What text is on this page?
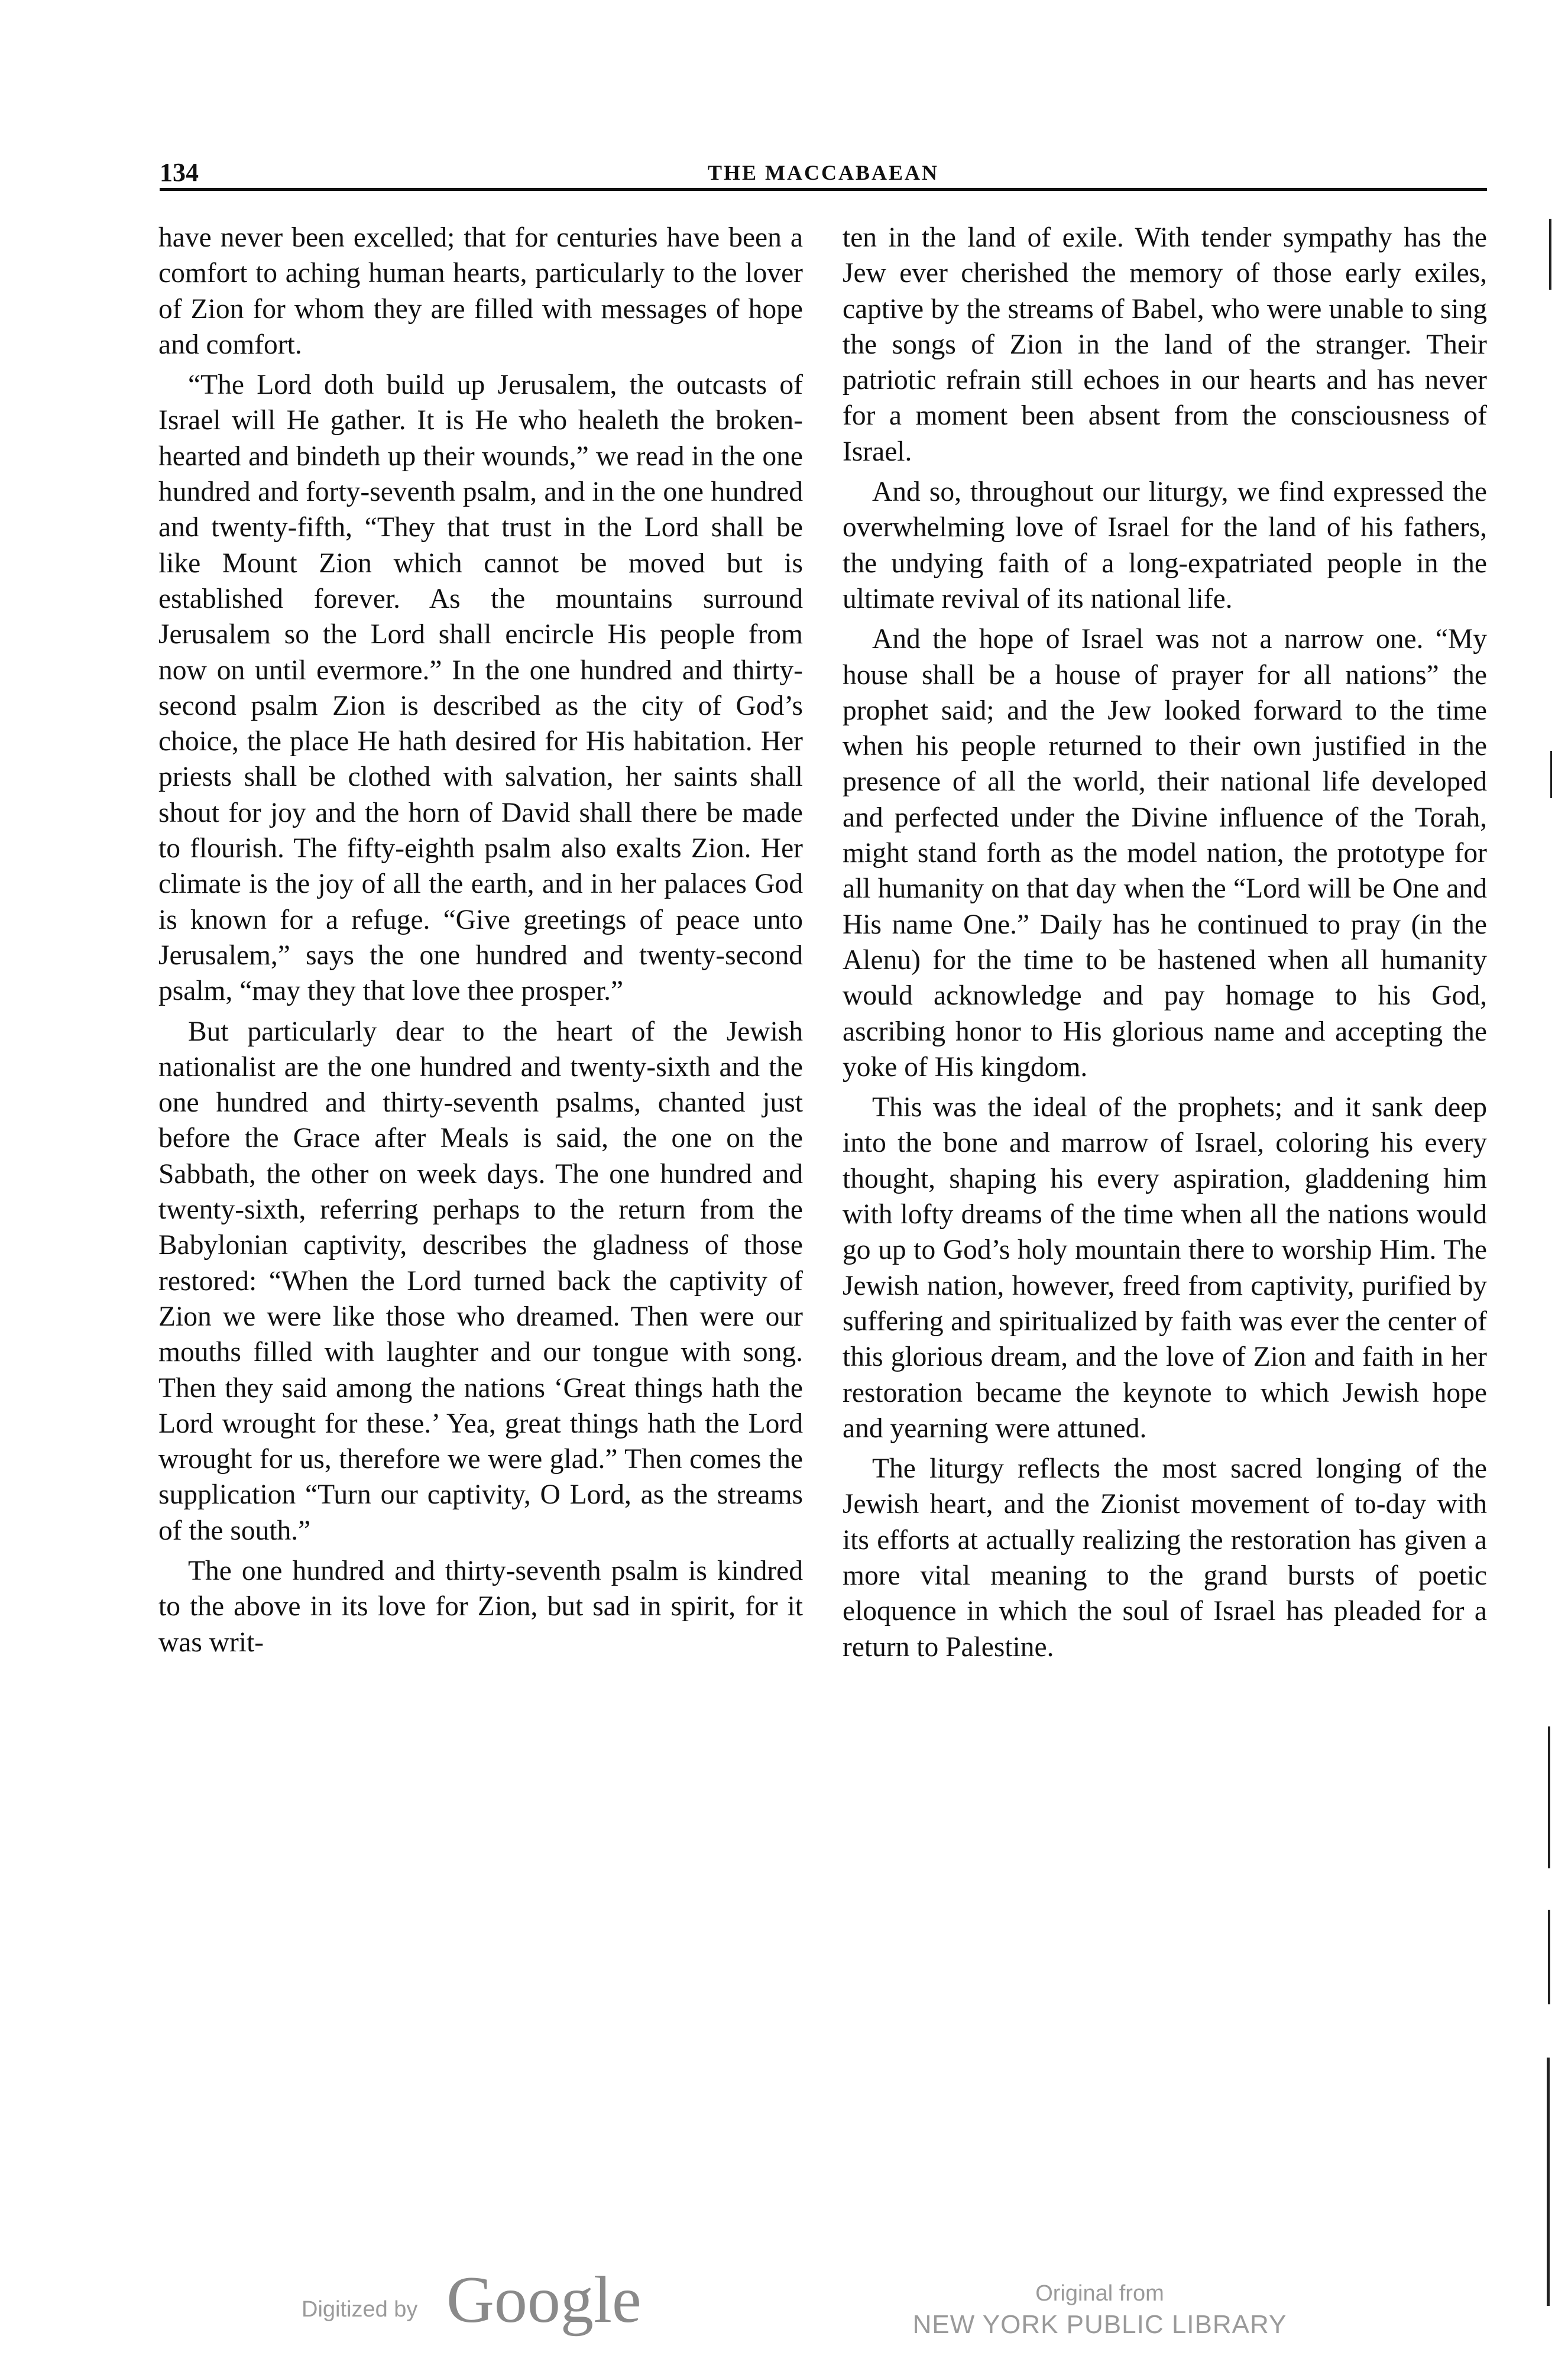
134	THE MACCABAEAN

have never been excelled; that for centuries have been a comfort to aching human hearts, particularly to the lover of Zion for whom they are filled with messages of hope and comfort.

“The Lord doth build up Jerusalem, the outcasts of Israel will He gather. It is He who healeth the broken-hearted and bindeth up their wounds,” we read in the one hundred and forty-seventh psalm, and in the one hundred and twenty-fifth, “They that trust in the Lord shall be like Mount Zion which cannot be moved but is established forever. As the mountains surround Jerusalem so the Lord shall encircle His people from now on until evermore.” In the one hundred and thirty-second psalm Zion is described as the city of God’s choice, the place He hath desired for His habitation. Her priests shall be clothed with salvation, her saints shall shout for joy and the horn of David shall there be made to flourish. The fifty-eighth psalm also exalts Zion. Her climate is the joy of all the earth, and in her palaces God is known for a refuge. “Give greetings of peace unto Jerusalem,” says the one hundred and twenty-second psalm, “may they that love thee prosper.”

But particularly dear to the heart of the Jewish nationalist are the one hundred and twenty-sixth and the one hundred and thirty-seventh psalms, chanted just before the Grace after Meals is said, the one on the Sabbath, the other on week days. The one hundred and twenty-sixth, referring perhaps to the return from the Babylonian captivity, describes the gladness of those restored: “When the Lord turned back the captivity of Zion we were like those who dreamed. Then were our mouths filled with laughter and our tongue with song. Then they said among the nations ‘Great things hath the Lord wrought for these.’ Yea, great things hath the Lord wrought for us, therefore we were glad.” Then comes the supplication “Turn our captivity, O Lord, as the streams of the south.”

The one hundred and thirty-seventh psalm is kindred to the above in its love for Zion, but sad in spirit, for it was writ-

ten in the land of exile. With tender sympathy has the Jew ever cherished the memory of those early exiles, captive by the streams of Babel, who were unable to sing the songs of Zion in the land of the stranger. Their patriotic refrain still echoes in our hearts and has never for a moment been absent from the consciousness of Israel.

And so, throughout our liturgy, we find expressed the overwhelming love of Israel for the land of his fathers, the undying faith of a long-expatriated people in the ultimate revival of its national life.

And the hope of Israel was not a narrow one. “My house shall be a house of prayer for all nations” the prophet said; and the Jew looked forward to the time when his people returned to their own justified in the presence of all the world, their national life developed and perfected under the Divine influence of the Torah, might stand forth as the model nation, the prototype for all humanity on that day when the “Lord will be One and His name One.” Daily has he continued to pray (in the Alenu) for the time to be hastened when all humanity would acknowledge and pay homage to his God, ascribing honor to His glorious name and accepting the yoke of His kingdom.

This was the ideal of the prophets; and it sank deep into the bone and marrow of Israel, coloring his every thought, shaping his every aspiration, gladdening him with lofty dreams of the time when all the nations would go up to God’s holy mountain there to worship Him. The Jewish nation, however, freed from captivity, purified by suffering and spiritualized by faith was ever the center of this glorious dream, and the love of Zion and faith in her restoration became the keynote to which Jewish hope and yearning were attuned.

The liturgy reflects the most sacred longing of the Jewish heart, and the Zionist movement of to-day with its efforts at actually realizing the restoration has given a more vital meaning to the grand bursts of poetic eloquence in which the soul of Israel has pleaded for a return to Palestine.

Digitized by Google	Original from
NEW YORK PUBLIC LIBRARY
